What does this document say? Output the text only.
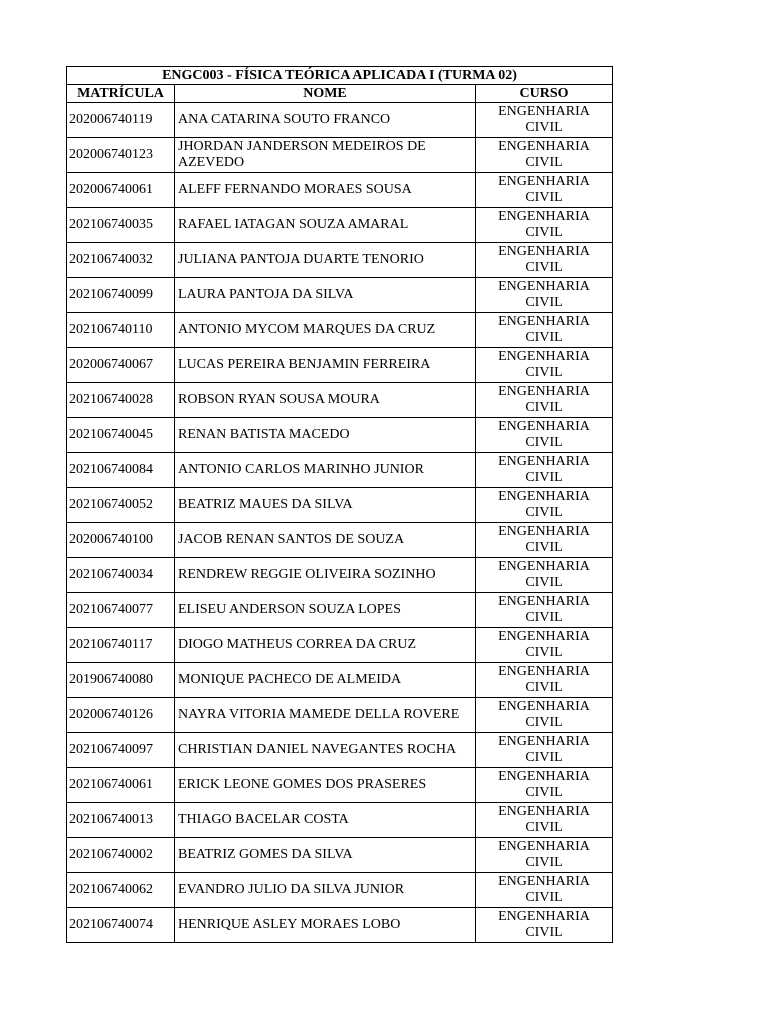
ENGC003 - FÍSICA TEÓRICA APLICADA I (TURMA 02)		
MATRÍCULA	NOME	CURSO
202006740119	ANA CATARINA SOUTO FRANCO	ENGENHARIA
CIVIL
202006740123	JHORDAN JANDERSON MEDEIROS DE AZEVEDO	ENGENHARIA
CIVIL
202006740061	ALEFF FERNANDO MORAES SOUSA	ENGENHARIA
CIVIL
202106740035	RAFAEL IATAGAN SOUZA AMARAL	ENGENHARIA
CIVIL
202106740032	JULIANA PANTOJA DUARTE TENORIO	ENGENHARIA
CIVIL
202106740099	LAURA PANTOJA DA SILVA	ENGENHARIA
CIVIL
202106740110	ANTONIO MYCOM MARQUES DA CRUZ	ENGENHARIA
CIVIL
202006740067	LUCAS PEREIRA BENJAMIN FERREIRA	ENGENHARIA
CIVIL
202106740028	ROBSON RYAN SOUSA MOURA	ENGENHARIA
CIVIL
202106740045	RENAN BATISTA MACEDO	ENGENHARIA
CIVIL
202106740084	ANTONIO CARLOS MARINHO JUNIOR	ENGENHARIA
CIVIL
202106740052	BEATRIZ MAUES DA SILVA	ENGENHARIA
CIVIL
202006740100	JACOB RENAN SANTOS DE SOUZA	ENGENHARIA
CIVIL
202106740034	RENDREW REGGIE OLIVEIRA SOZINHO	ENGENHARIA
CIVIL
202106740077	ELISEU ANDERSON SOUZA LOPES	ENGENHARIA
CIVIL
202106740117	DIOGO MATHEUS CORREA DA CRUZ	ENGENHARIA
CIVIL
201906740080	MONIQUE PACHECO DE ALMEIDA	ENGENHARIA
CIVIL
202006740126	NAYRA VITORIA MAMEDE DELLA ROVERE	ENGENHARIA
CIVIL
202106740097	CHRISTIAN DANIEL NAVEGANTES ROCHA	ENGENHARIA
CIVIL
202106740061	ERICK LEONE GOMES DOS PRASERES	ENGENHARIA
CIVIL
202106740013	THIAGO BACELAR COSTA	ENGENHARIA
CIVIL
202106740002	BEATRIZ GOMES DA SILVA	ENGENHARIA
CIVIL
202106740062	EVANDRO JULIO DA SILVA JUNIOR	ENGENHARIA
CIVIL
202106740074	HENRIQUE ASLEY MORAES LOBO	ENGENHARIA
CIVIL
